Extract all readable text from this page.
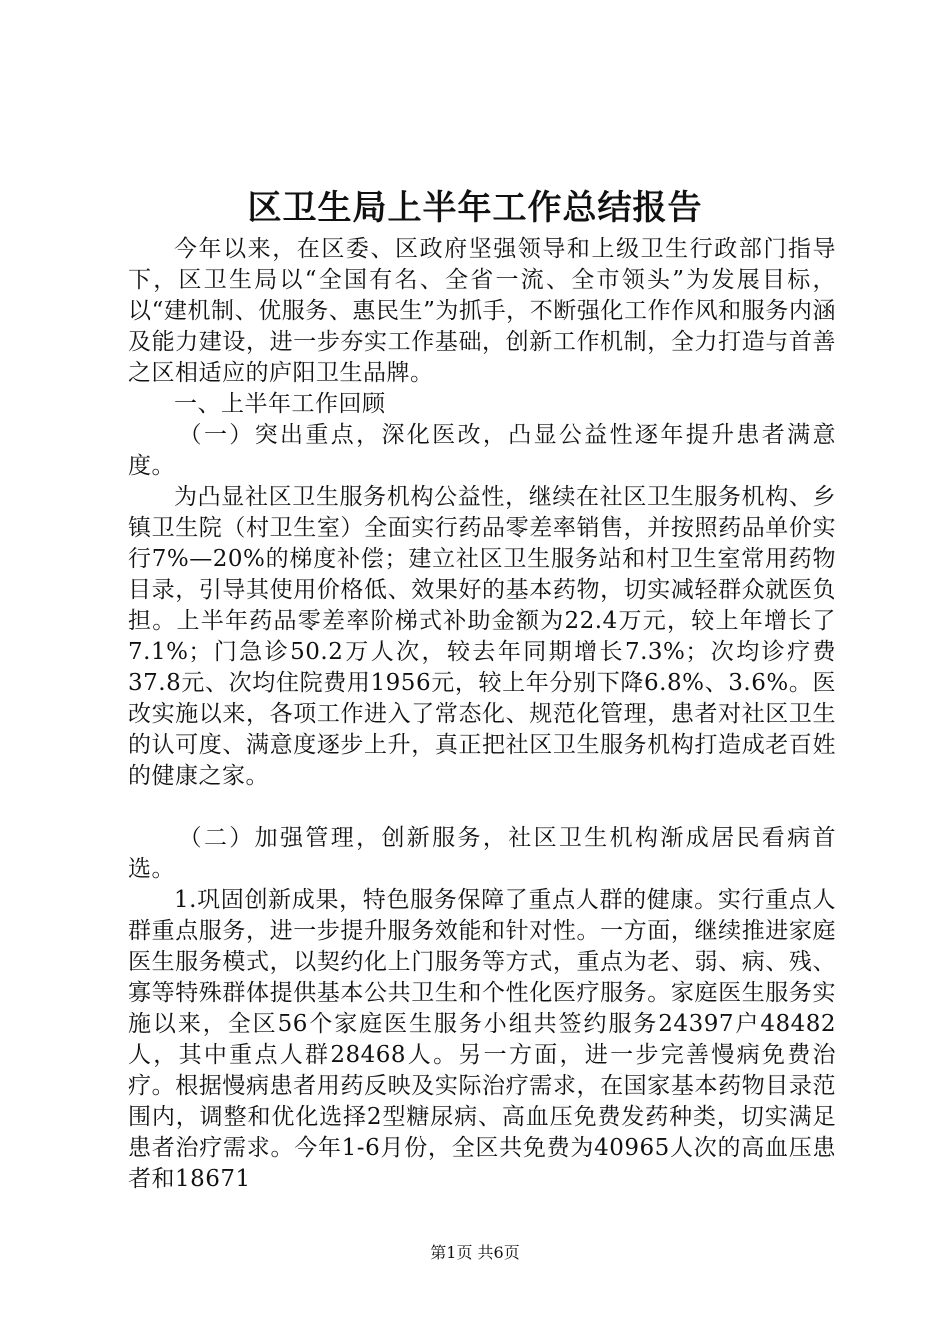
区卫生局上半年工作总结报告

今年以来，在区委、区政府坚强领导和上级卫生行政部门指导下，区卫生局以“全国有名、全省一流、全市领头”为发展目标，以“建机制、优服务、惠民生”为抓手，不断强化工作作风和服务内涵及能力建设，进一步夯实工作基础，创新工作机制，全力打造与首善之区相适应的庐阳卫生品牌。

一、上半年工作回顾

（一）突出重点，深化医改，凸显公益性逐年提升患者满意度。

为凸显社区卫生服务机构公益性，继续在社区卫生服务机构、乡镇卫生院（村卫生室）全面实行药品零差率销售，并按照药品单价实行7%—20%的梯度补偿；建立社区卫生服务站和村卫生室常用药物目录，引导其使用价格低、效果好的基本药物，切实减轻群众就医负担。上半年药品零差率阶梯式补助金额为22.4万元，较上年增长了7.1%；门急诊50.2万人次，较去年同期增长7.3%；次均诊疗费37.8元、次均住院费用1956元，较上年分别下降6.8%、3.6%。医改实施以来，各项工作进入了常态化、规范化管理，患者对社区卫生的认可度、满意度逐步上升，真正把社区卫生服务机构打造成老百姓的健康之家。

（二）加强管理，创新服务，社区卫生机构渐成居民看病首选。

1.巩固创新成果，特色服务保障了重点人群的健康。实行重点人群重点服务，进一步提升服务效能和针对性。一方面，继续推进家庭医生服务模式，以契约化上门服务等方式，重点为老、弱、病、残、寡等特殊群体提供基本公共卫生和个性化医疗服务。家庭医生服务实施以来，全区56个家庭医生服务小组共签约服务24397户48482人，其中重点人群28468人。另一方面，进一步完善慢病免费治疗。根据慢病患者用药反映及实际治疗需求，在国家基本药物目录范围内，调整和优化选择2型糖尿病、高血压免费发药种类，切实满足患者治疗需求。今年1-6月份，全区共免费为40965人次的高血压患者和18671

第1页 共6页
